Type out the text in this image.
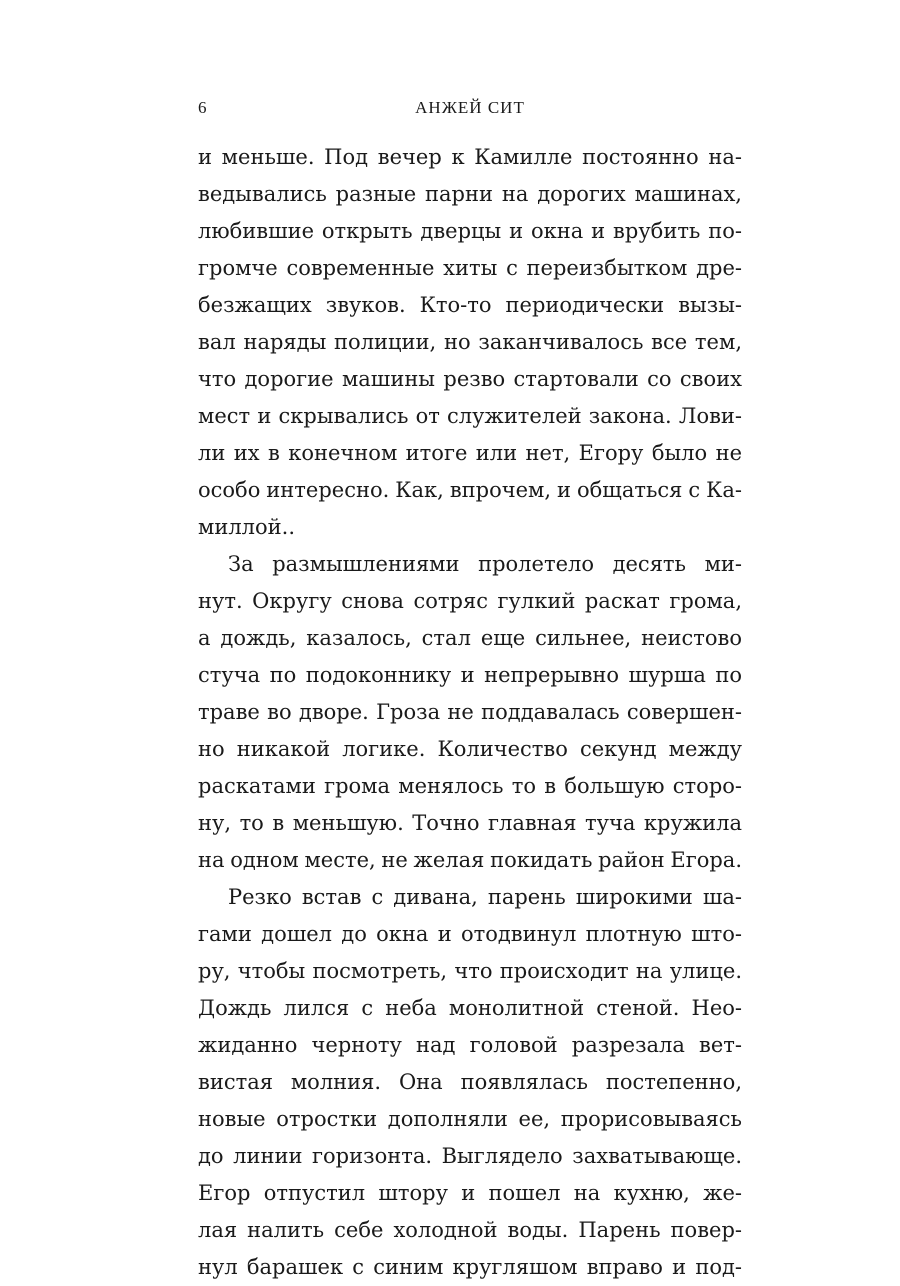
6	АНЖЕЙ СИТ
и меньше. Под вечер к Камилле постоянно на-
ведывались разные парни на дорогих машинах,
любившие открыть дверцы и окна и врубить по-
громче современные хиты с переизбытком дре-
безжащих звуков. Кто-то периодически вызы-
вал наряды полиции, но заканчивалось все тем,
что дорогие машины резво стартовали со своих
мест и скрывались от служителей закона. Лови-
ли их в конечном итоге или нет, Егору было не
особо интересно. Как, впрочем, и общаться с Ка-
миллой..
За размышлениями пролетело десять ми-
нут. Округу снова сотряс гулкий раскат грома,
а дождь, казалось, стал еще сильнее, неистово
стуча по подоконнику и непрерывно шурша по
траве во дворе. Гроза не поддавалась совершен-
но никакой логике. Количество секунд между
раскатами грома менялось то в большую сторо-
ну, то в меньшую. Точно главная туча кружила
на одном месте, не желая покидать район Егора.
Резко встав с дивана, парень широкими ша-
гами дошел до окна и отодвинул плотную што-
ру, чтобы посмотреть, что происходит на улице.
Дождь лился с неба монолитной стеной. Нео-
жиданно черноту над головой разрезала вет-
вистая молния. Она появлялась постепенно,
новые отростки дополняли ее, прорисовываясь
до линии горизонта. Выглядело захватывающе.
Егор отпустил штору и пошел на кухню, же-
лая налить себе холодной воды. Парень повер-
нул барашек с синим кругляшом вправо и под-
